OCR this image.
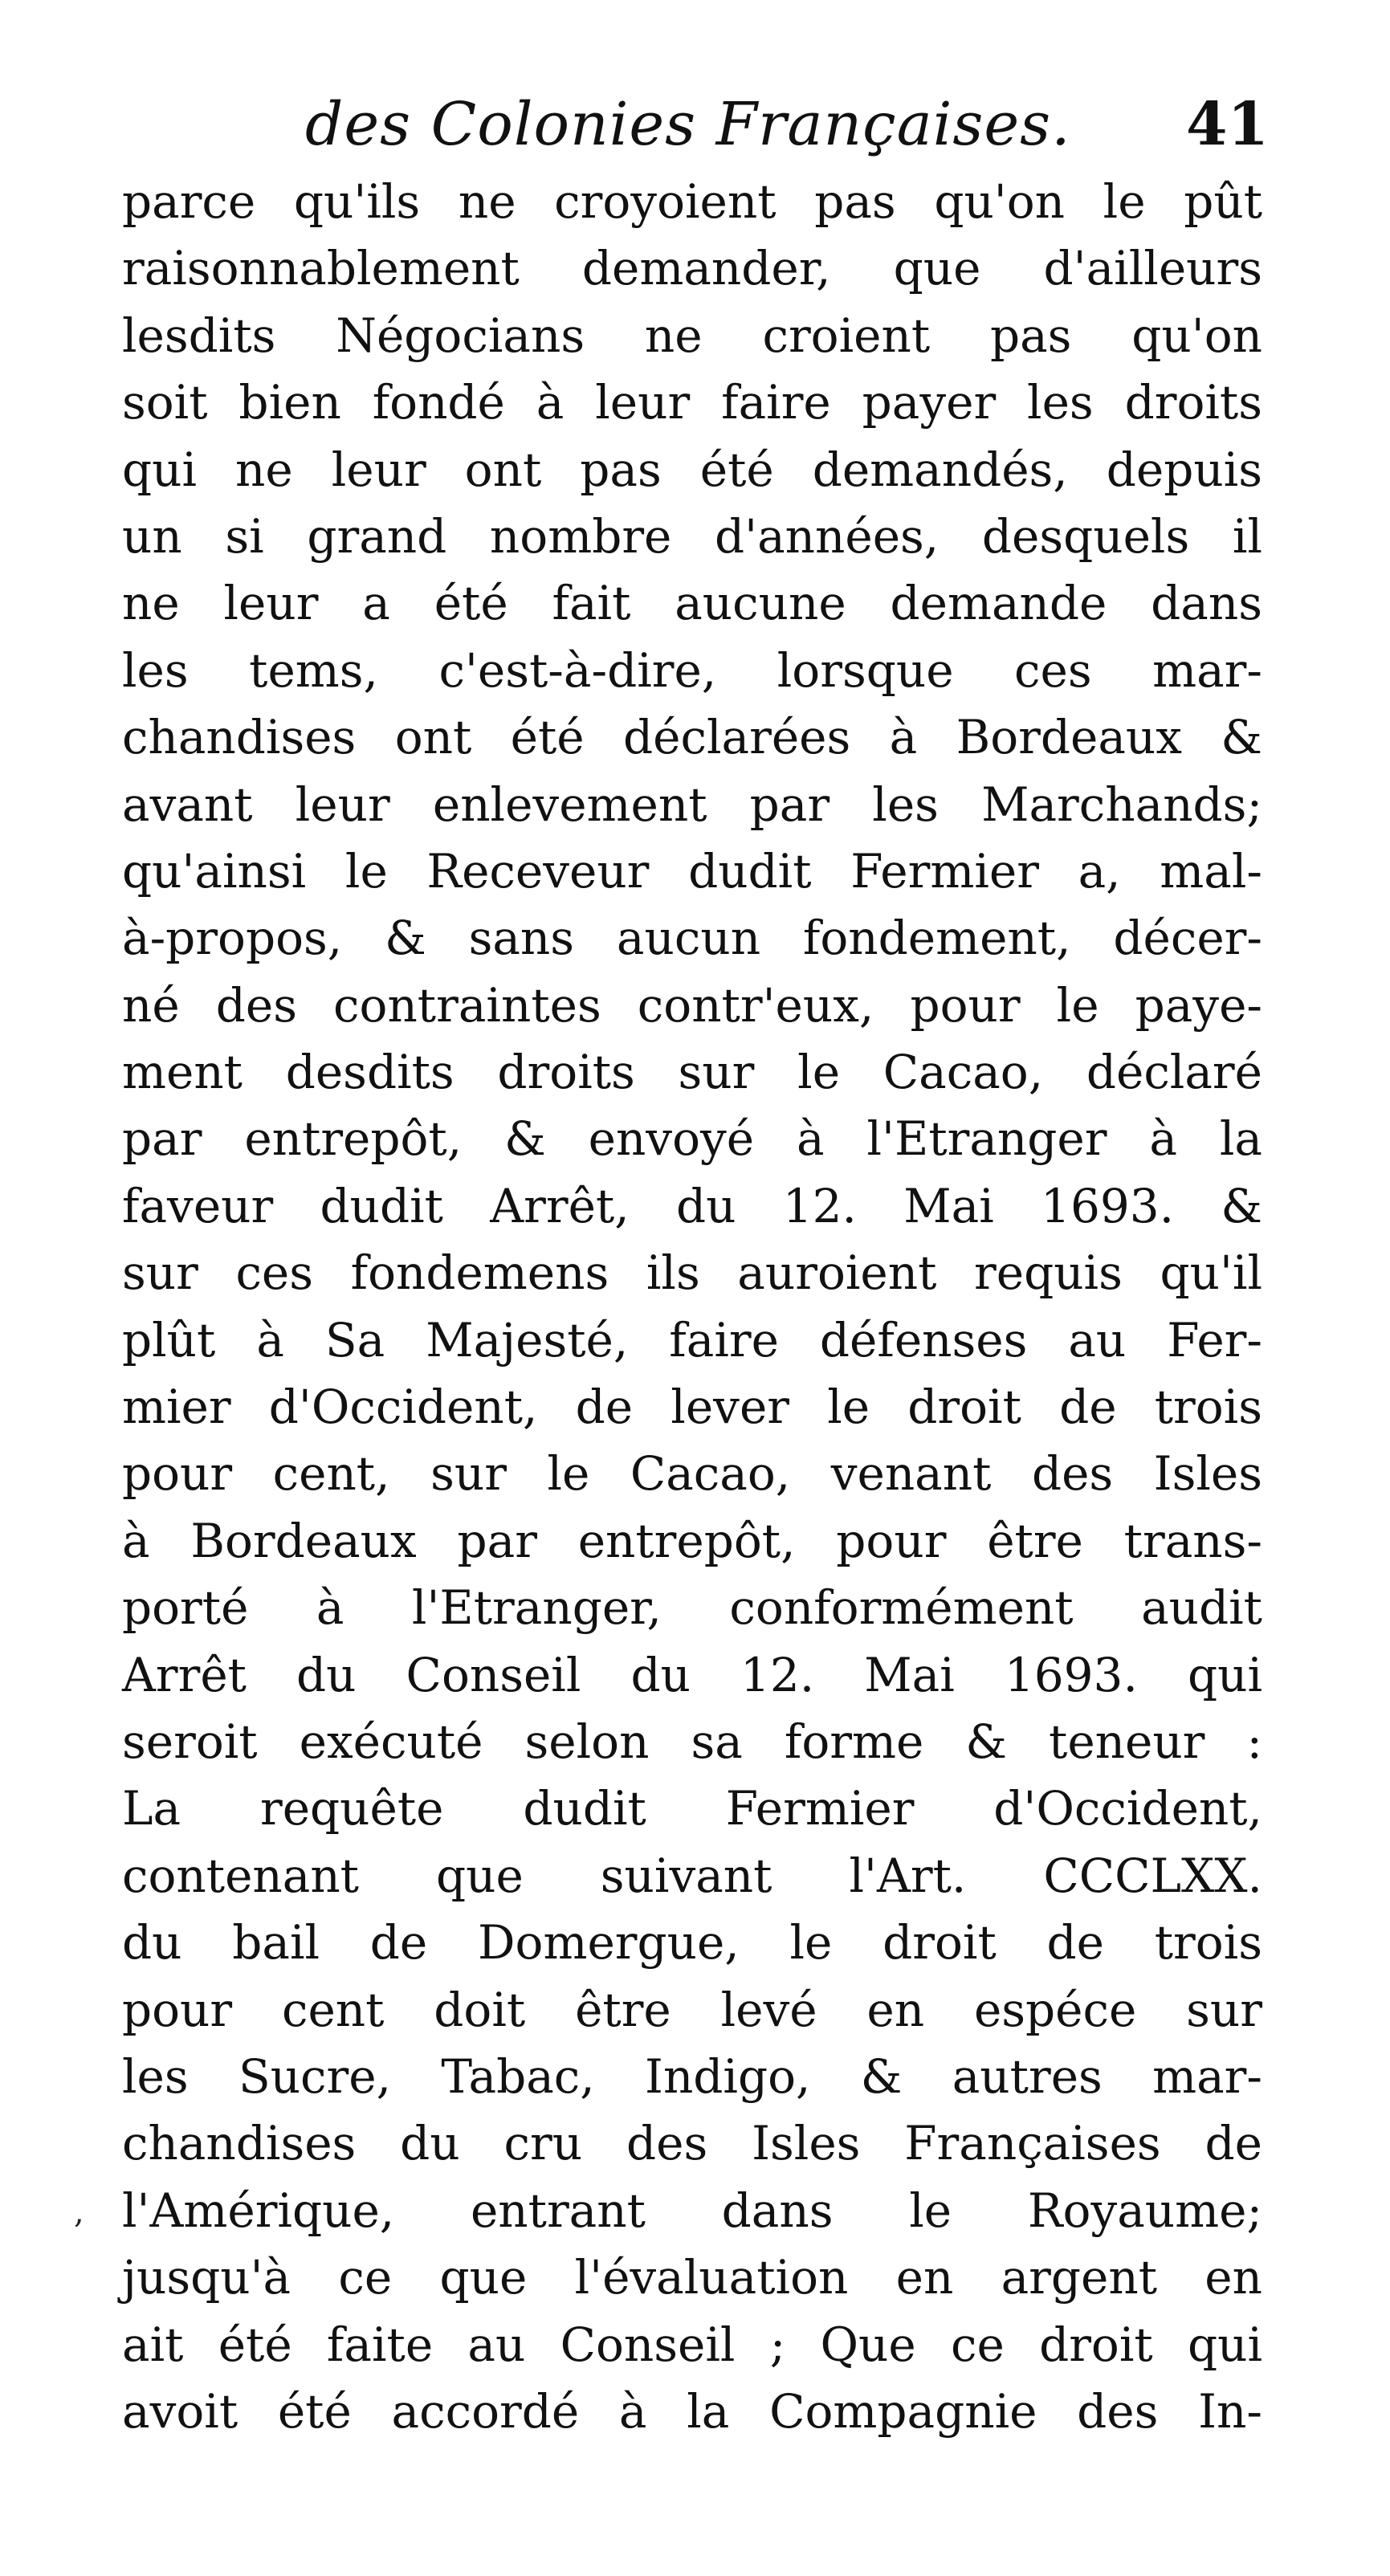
des Colonies Françaises. 41
parce qu'ils ne croyoient pas qu'on le pût
raisonnablement demander, que d'ailleurs
lesdits Négocians ne croient pas qu'on
soit bien fondé à leur faire payer les droits
qui ne leur ont pas été demandés, depuis
un si grand nombre d'années, desquels il
ne leur a été fait aucune demande dans
les tems, c'est-à-dire, lorsque ces mar-
chandises ont été déclarées à Bordeaux &
avant leur enlevement par les Marchands;
qu'ainsi le Receveur dudit Fermier a, mal-
à-propos, & sans aucun fondement, décer-
né des contraintes contr'eux, pour le paye-
ment desdits droits sur le Cacao, déclaré
par entrepôt, & envoyé à l'Etranger à la
faveur dudit Arrêt, du 12. Mai 1693. &
sur ces fondemens ils auroient requis qu'il
plût à Sa Majesté, faire défenses au Fer-
mier d'Occident, de lever le droit de trois
pour cent, sur le Cacao, venant des Isles
à Bordeaux par entrepôt, pour être trans-
porté à l'Etranger, conformément audit
Arrêt du Conseil du 12. Mai 1693. qui
seroit exécuté selon sa forme & teneur :
La requête dudit Fermier d'Occident,
contenant que suivant l'Art. CCCLXX.
du bail de Domergue, le droit de trois
pour cent doit être levé en espéce sur
les Sucre, Tabac, Indigo, & autres mar-
chandises du cru des Isles Françaises de
l'Amérique, entrant dans le Royaume;
jusqu'à ce que l'évaluation en argent en
ait été faite au Conseil ; Que ce droit qui
avoit été accordé à la Compagnie des In-
,
